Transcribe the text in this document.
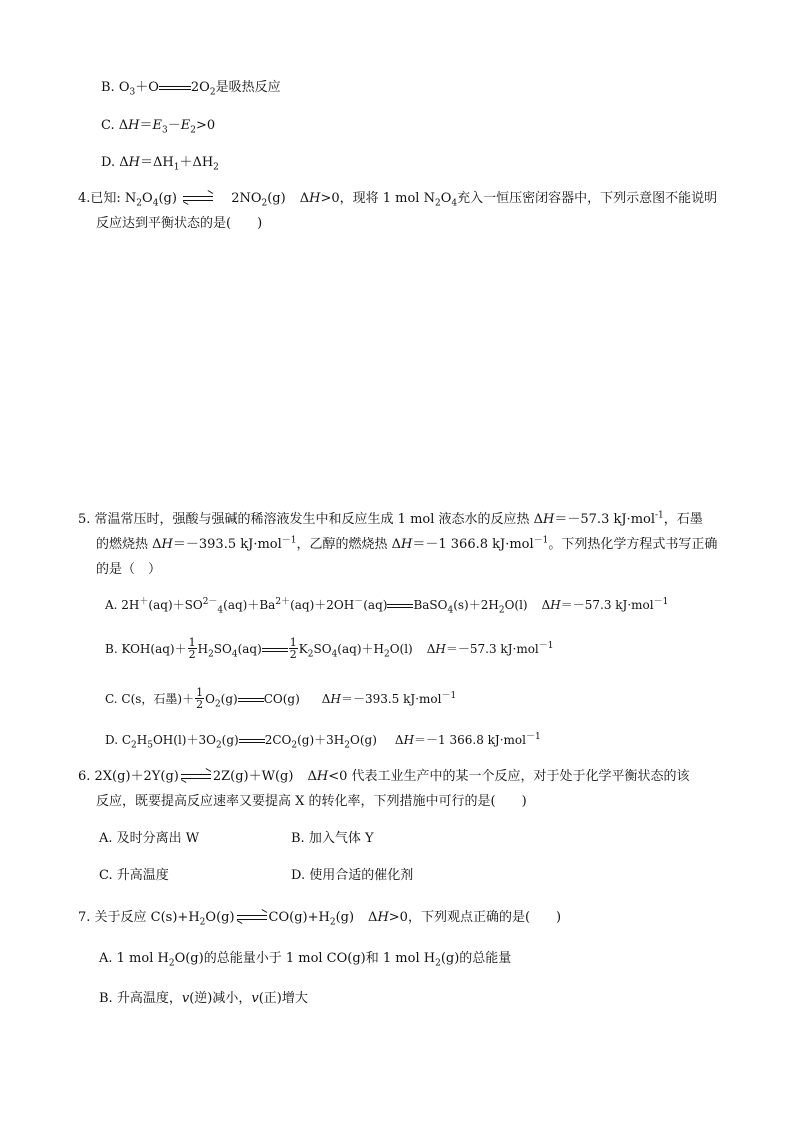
B. $O_3+O$ $2O_2$是吸热反应
C. $\Delta H=E_3-E_2>0$
D. $\Delta H=\Delta H_1+\Delta H_2$
4.已知: $N_2O_4(g)$	$2NO_2(g)$ ΔH>0，现将 1 mol $N_2O_4$充入一恒压密闭容器中，下列示意图不能说明
反应达到平衡状态的是(　　)
5. 常温常压时，强酸与强碱的稀溶液发生中和反应生成 1 mol 液态水的反应热 ΔH＝－57.3 kJ·mol$^{-1}$，石墨
的燃烧热 ΔH＝－393.5 kJ·mol$^{-1}$，乙醇的燃烧热 ΔH＝－1 366.8 kJ·mol$^{-1}$。下列热化学方程式书写正确
的是（　）
A. $2H^+(aq)+SO^{2-}_4(aq)+Ba^{2+}(aq)+2OH^-(aq)$ $BaSO_4(s)+2H_2O(l)$ ΔH＝－57.3 kJ·mol$^{-1}$
B. $KOH(aq)+ \frac{1}{2} H_2SO_4(aq) \frac{1}{2} K_2SO_4(aq)+H_2O(l)$ ΔH＝－57.3 kJ·mol$^{-1}$
C. C(s，石墨)＋ $\frac{1}{2} O_2(g)$ CO(g) ΔH＝－393.5 kJ·mol$^{-1}$
D. $C_2H_5OH(l)+3O_2(g)$ $2CO_2(g)+3H_2O(g)$ ΔH＝－1 366.8 kJ·mol$^{-1}$
6. 2X(g)＋2Y(g)	2Z(g)＋W(g) ΔH<0 代表工业生产中的某一个反应，对于处于化学平衡状态的该
反应，既要提高反应速率又要提高 X 的转化率，下列措施中可行的是(　　)
A. 及时分离出 W	B. 加入气体 Y
C. 升高温度	D. 使用合适的催化剂
7. 关于反应 $C(s)+H_2O(g)$	$CO(g)+H_2(g)$ ΔH>0，下列观点正确的是(　　)
A. 1 mol $H_2O(g)$的总能量小于 1 mol CO(g)和 1 mol $H_2(g)$的总能量
B. 升高温度，v(逆)减小，v(正)增大
